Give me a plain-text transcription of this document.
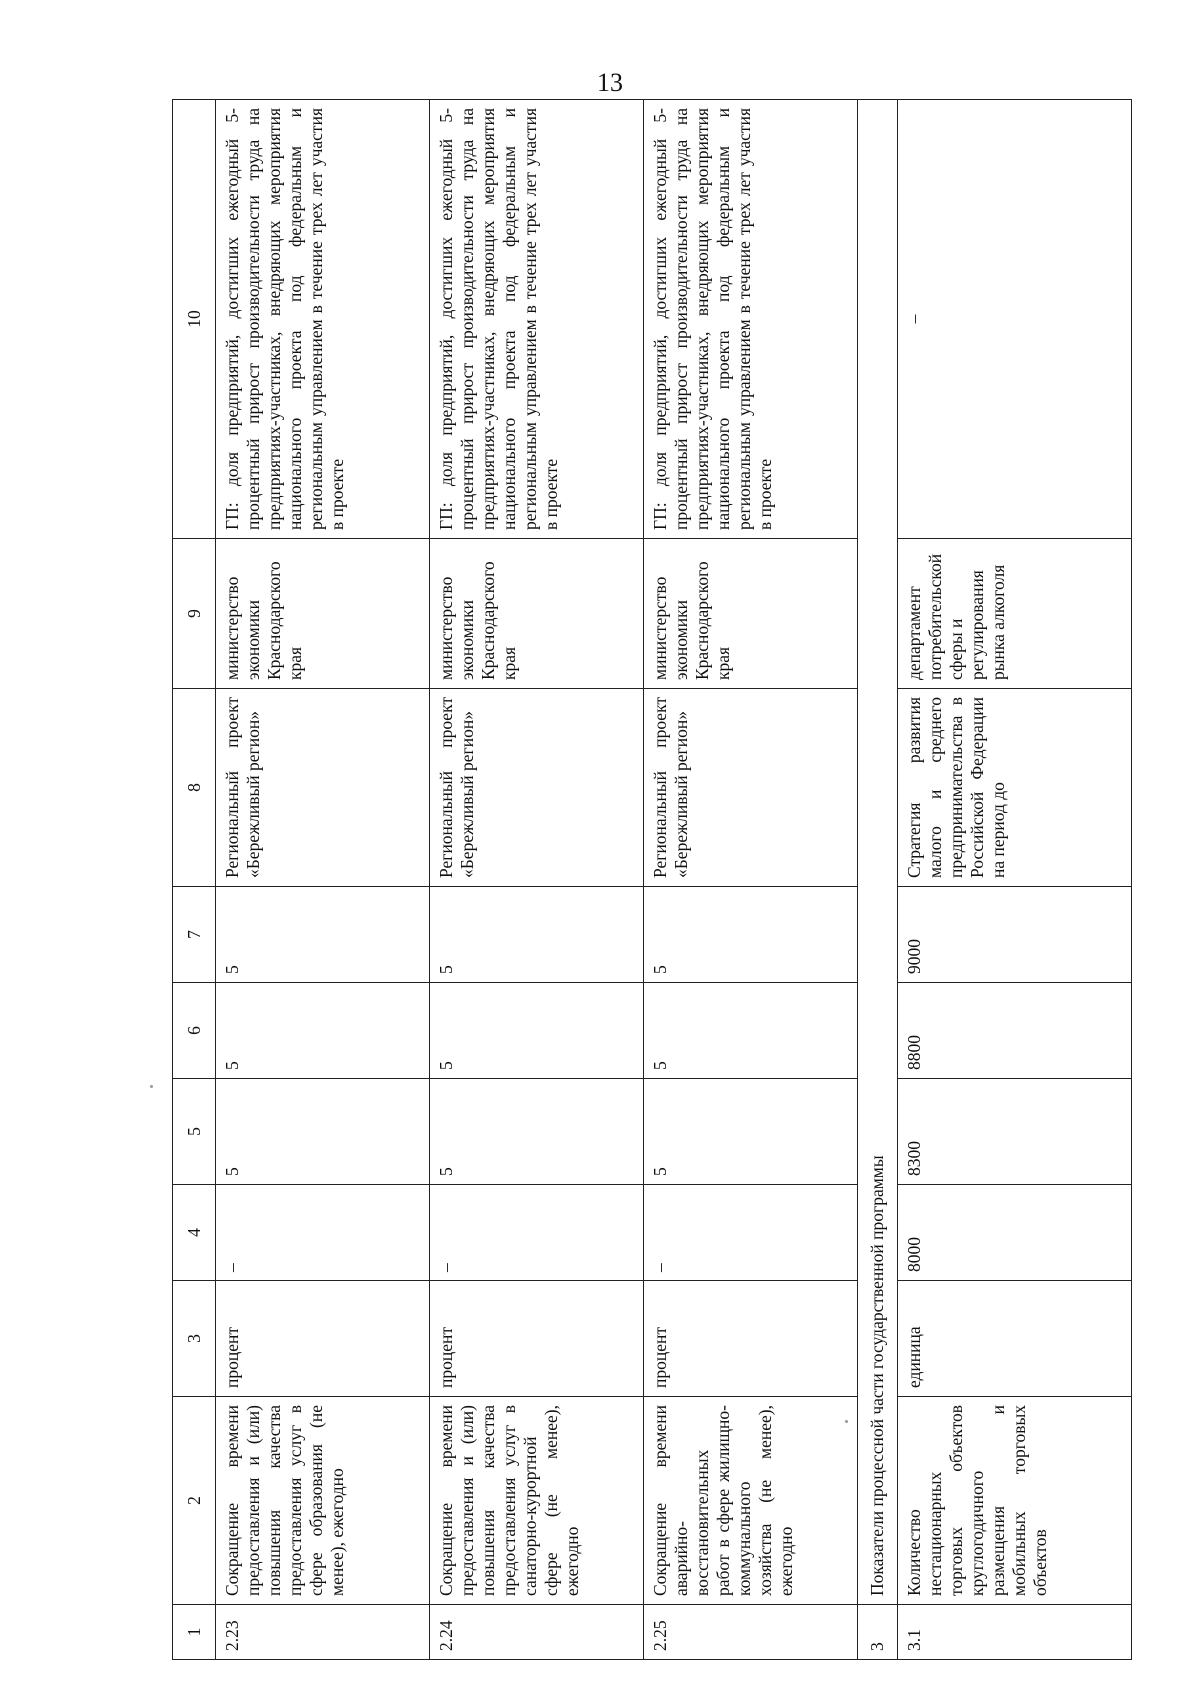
13
1	2	3	4	5	6	7	8	9	10
2.23	Сокращение времени предоставления и (или) повышения качества предоставления услуг в сфере образования (не менее), ежегодно	процент	–	5	5	5	Региональный проект «Бережливый регион»	министерство экономики Краснодарского края	ГП: доля предприятий, достигших ежегодный 5-процентный прирост производительности труда на предприятиях-участниках, внедряющих мероприятия национального проекта под федеральным и региональным управлением в течение трех лет участия в проекте
2.24	Сокращение времени предоставления и (или) повышения качества предоставления услуг в санаторно-курортной сфере (не менее), ежегодно	процент	–	5	5	5	Региональный проект «Бережливый регион»	министерство экономики Краснодарского края	ГП: доля предприятий, достигших ежегодный 5-процентный прирост производительности труда на предприятиях-участниках, внедряющих мероприятия национального проекта под федеральным и региональным управлением в течение трех лет участия в проекте
2.25	Сокращение времени аварийно-восстановительных работ в сфере жилищно-коммунального хозяйства (не менее), ежегодно	процент	–	5	5	5	Региональный проект «Бережливый регион»	министерство экономики Краснодарского края	ГП: доля предприятий, достигших ежегодный 5-процентный прирост производительности труда на предприятиях-участниках, внедряющих мероприятия национального проекта под федеральным и региональным управлением в течение трех лет участия в проекте
3	Показатели процессной части государственной программы								
3.1	Количество нестационарных торговых объектов круглогодичного размещения и мобильных торговых объектов	единица	8000	8300	8800	9000	Стратегия развития малого и среднего предпринимательства в Российской Федерации на период до	департамент потребительской сферы и регулирования рынка алкоголя	–
